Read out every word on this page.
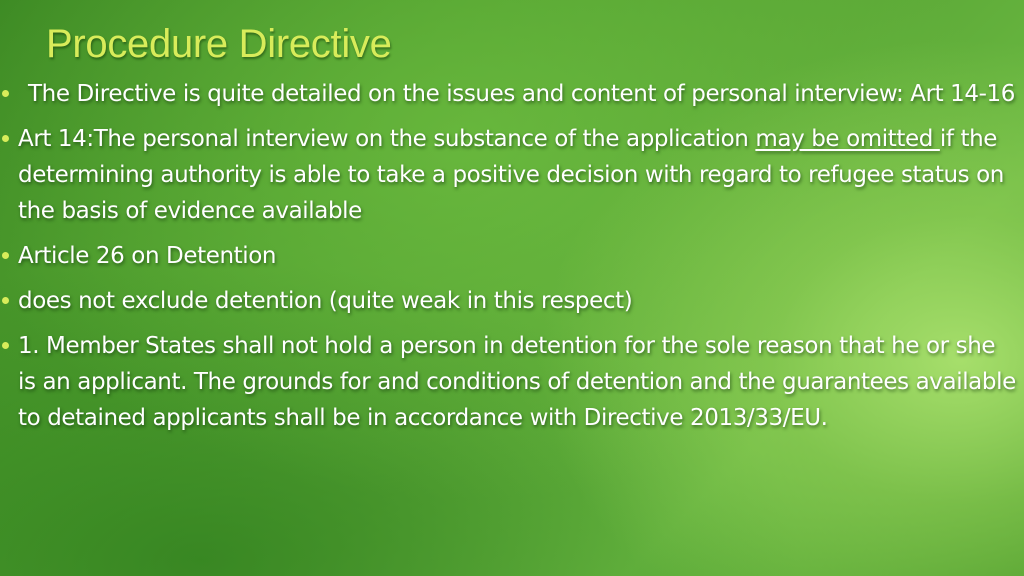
Procedure Directive
The Directive is quite detailed on the issues and content of personal interview: Art 14-16
Art 14:The personal interview on the substance of the application may be omitted if the determining authority is able to take a positive decision with regard to refugee status on the basis of evidence available
Article 26 on Detention
does not exclude detention (quite weak in this respect)
1. Member States shall not hold a person in detention for the sole reason that he or she is an applicant. The grounds for and conditions of detention and the guarantees available to detained applicants shall be in accordance with Directive 2013/33/EU.
